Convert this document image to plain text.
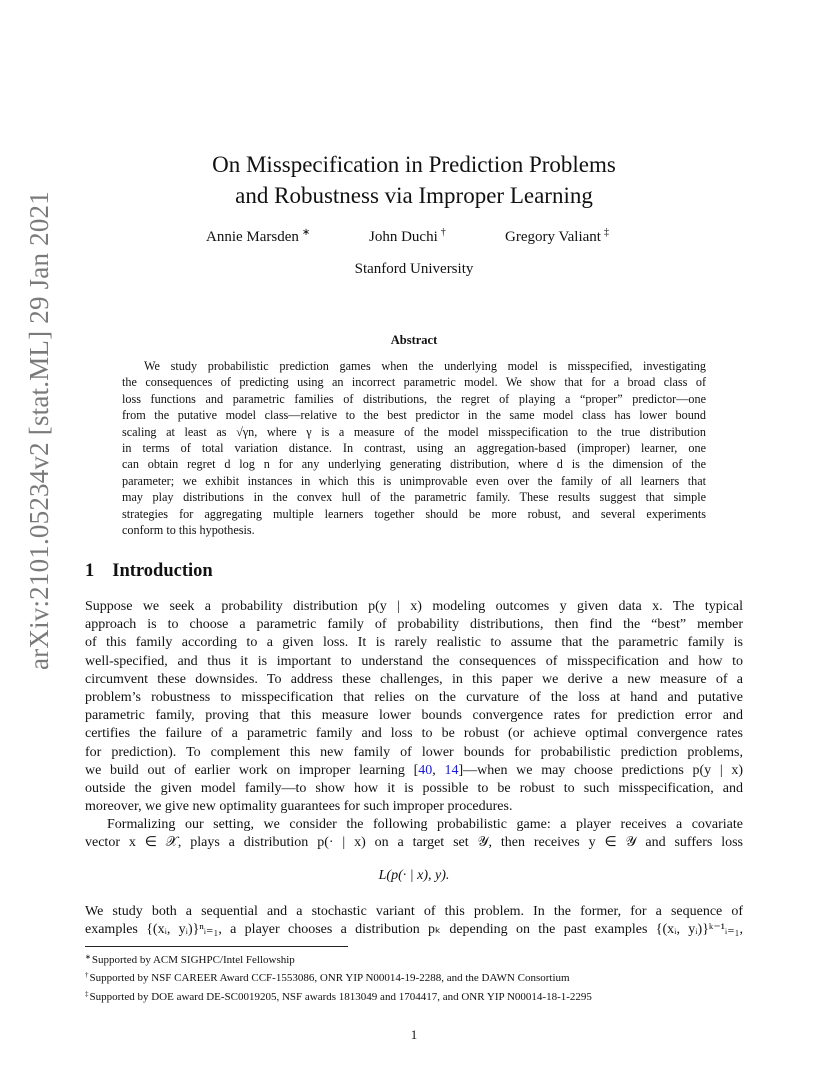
arXiv:2101.05234v2 [stat.ML] 29 Jan 2021
On Misspecification in Prediction Problems
and Robustness via Improper Learning
Annie Marsden ∗	John Duchi †	Gregory Valiant ‡
Stanford University
Abstract
We study probabilistic prediction games when the underlying model is misspecified, investigating
the consequences of predicting using an incorrect parametric model. We show that for a broad class of
loss functions and parametric families of distributions, the regret of playing a “proper” predictor—one
from the putative model class—relative to the best predictor in the same model class has lower bound
scaling at least as √γn, where γ is a measure of the model misspecification to the true distribution
in terms of total variation distance. In contrast, using an aggregation-based (improper) learner, one
can obtain regret d log n for any underlying generating distribution, where d is the dimension of the
parameter; we exhibit instances in which this is unimprovable even over the family of all learners that
may play distributions in the convex hull of the parametric family. These results suggest that simple
strategies for aggregating multiple learners together should be more robust, and several experiments
conform to this hypothesis.
1 Introduction
Suppose we seek a probability distribution p(y | x) modeling outcomes y given data x. The typical
approach is to choose a parametric family of probability distributions, then find the “best” member
of this family according to a given loss. It is rarely realistic to assume that the parametric family is
well-specified, and thus it is important to understand the consequences of misspecification and how to
circumvent these downsides. To address these challenges, in this paper we derive a new measure of a
problem’s robustness to misspecification that relies on the curvature of the loss at hand and putative
parametric family, proving that this measure lower bounds convergence rates for prediction error and
certifies the failure of a parametric family and loss to be robust (or achieve optimal convergence rates
for prediction). To complement this new family of lower bounds for probabilistic prediction problems,
we build out of earlier work on improper learning [40, 14]—when we may choose predictions p(y | x)
outside the given model family—to show how it is possible to be robust to such misspecification, and
moreover, we give new optimality guarantees for such improper procedures.
Formalizing our setting, we consider the following probabilistic game: a player receives a covariate
vector x ∈ 𝒳, plays a distribution p(· | x) on a target set 𝒴, then receives y ∈ 𝒴 and suffers loss
L(p(· | x), y).
We study both a sequential and a stochastic variant of this problem. In the former, for a sequence of
examples {(xᵢ, yᵢ)}ⁿᵢ₌₁, a player chooses a distribution pₖ depending on the past examples {(xᵢ, yᵢ)}ᵏ⁻¹ᵢ₌₁,
∗Supported by ACM SIGHPC/Intel Fellowship
†Supported by NSF CAREER Award CCF-1553086, ONR YIP N00014-19-2288, and the DAWN Consortium
‡Supported by DOE award DE-SC0019205, NSF awards 1813049 and 1704417, and ONR YIP N00014-18-1-2295
1
